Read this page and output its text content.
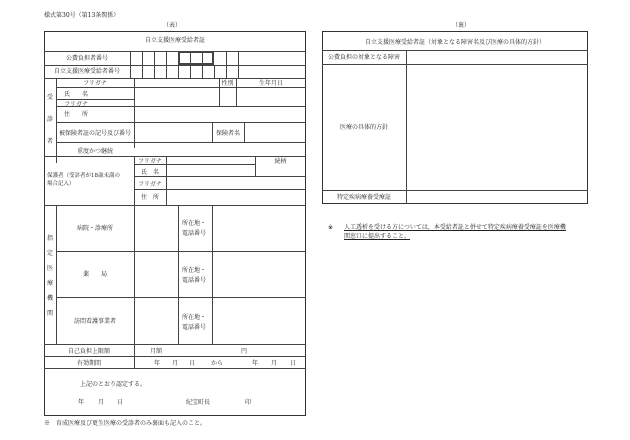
様式第30号（第13条関係）
（表）	（裏）
自立支援医療受給者証
公費負担者番号
自立支援医療受給者番号
受
診
者
フリガナ	性別	生年月日
氏　　名
フリガナ
住　　所
被保険者証の記号及び番号	保険者名
重度かつ継続
保護者（受診者が18歳未満の
場合記入）
フリガナ	続柄
氏　名
フリガナ
住　所
指
定
医
療
機
関
病院・診療所
所在地・
電話番号
薬　　局
所在地・
電話番号
訪問看護事業者
所在地・
電話番号
自己負担上限額	月額	円
有効期間	年 月 日	から	年 月 日
上記のとおり認定する。
年 月 日	紀宝町長	印
※　育成医療及び更生医療の受診者のみ裏面も記入のこと。
自立支援医療受給者証（対象となる障害名及び医療の具体的方針）
公費負担の対象となる障害
医療の具体的方針
特定疾病療養受療証
※ 人工透析を受ける方については，本受給者証と併せて特定疾病療養受療証を医療機
関窓口に提出すること。
